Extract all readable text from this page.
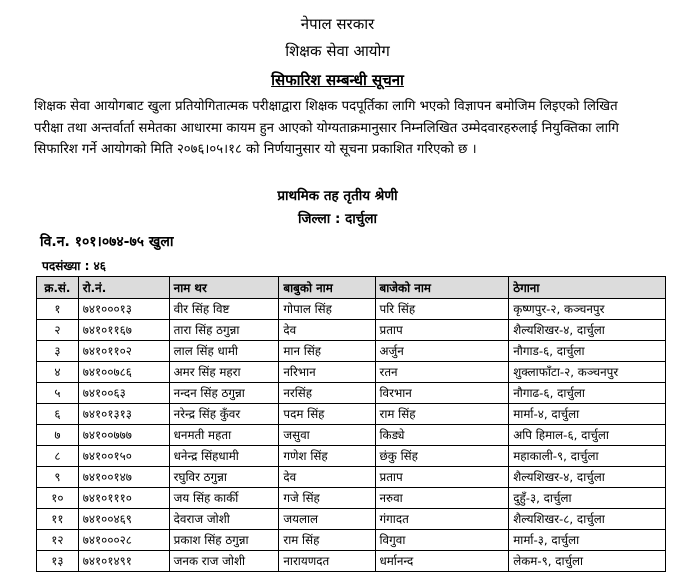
नेपाल सरकार
शिक्षक सेवा आयोग
सिफारिश सम्बन्धी सूचना

शिक्षक सेवा आयोगबाट खुला प्रतियोगितात्मक परीक्षाद्वारा शिक्षक पदपूर्तिका लागि भएको विज्ञापन बमोजिम लिइएको लिखित परीक्षा तथा अन्तर्वार्ता समेतका आधारमा कायम हुन आएको योग्यताक्रमानुसार निम्नलिखित उम्मेदवारहरुलाई नियुक्तिका लागि सिफारिश गर्ने आयोगको मिति २०७६।०५।१८ को निर्णयानुसार यो सूचना प्रकाशित गरिएको छ ।

प्राथमिक तह तृतीय श्रेणी
जिल्ला : दार्चुला
वि.न. १०१।०७४-७५ खुला
पदसंख्या : ४६
क्र.सं.	रो.नं.	नाम थर	बाबुको नाम	बाजेको नाम	ठेगाना
१	७४१०००१३	वीर सिंह विष्ट	गोपाल सिंह	परि सिंह	कृष्णपुर-२, कञ्चनपुर
२	७४१०११६७	तारा सिंह ठगुन्ना	देव	प्रताप	शैल्यशिखर-४, दार्चुला
३	७४१०११०२	लाल सिंह धामी	मान सिंह	अर्जुन	नौगाड-६, दार्चुला
४	७४१००७८६	अमर सिंह महरा	नरिभान	रतन	शुक्लाफाँटा-२, कञ्चनपुर
५	७४१००६३	नन्दन सिंह ठगुन्ना	नरसिंह	विरभान	नौगाढ-६, दार्चुला
६	७४१०१३१३	नरेन्द्र सिंह कुँवर	पदम सिंह	राम सिंह	मार्मा-४, दार्चुला
७	७४१००७७७	धनमती महता	जसुवा	किड्ये	अपि हिमाल-६, दार्चुला
८	७४१००१५०	धनेन्द्र सिंहधामी	गणेश सिंह	छंकु सिंह	महाकाली-९, दार्चुला
९	७४१००१४७	रघुविर ठगुन्ना	देव	प्रताप	शैल्यशिखर-४, दार्चुला
१०	७४१०१११०	जय सिंह कार्की	गजे सिंह	नरुवा	दुहुँ-३, दार्चुला
११	७४१००४६९	देवराज जोशी	जयलाल	गंगादत	शैल्यशिखर-८, दार्चुला
१२	७४१०००२८	प्रकाश सिंह ठगुन्ना	राम सिंह	विगुवा	मार्मा-३, दार्चुला
१३	७४१०१४९१	जनक राज जोशी	नारायणदत	धर्मानन्द	लेकम-९, दार्चुला
